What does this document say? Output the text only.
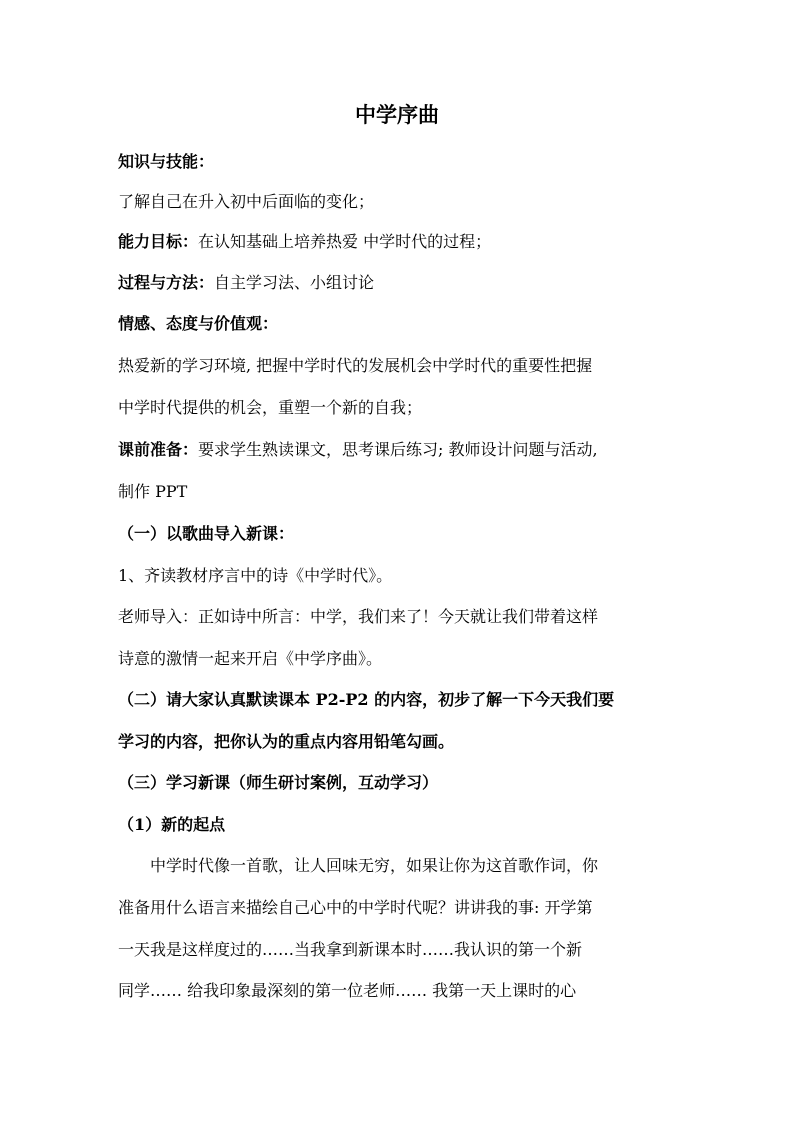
中学序曲
知识与技能：
了解自己在升入初中后面临的变化；
能力目标：在认知基础上培养热爱 中学时代的过程；
过程与方法：自主学习法、小组讨论
情感、态度与价值观：
热爱新的学习环境, 把握中学时代的发展机会中学时代的重要性把握
中学时代提供的机会，重塑一个新的自我；
课前准备：要求学生熟读课文，思考课后练习; 教师设计问题与活动,
制作 PPT
（一）以歌曲导入新课：
1、齐读教材序言中的诗《中学时代》。
老师导入：正如诗中所言：中学，我们来了！今天就让我们带着这样
诗意的激情一起来开启《中学序曲》。
（二）请大家认真默读课本 P2-P2 的内容，初步了解一下今天我们要
学习的内容，把你认为的重点内容用铅笔勾画。
（三）学习新课（师生研讨案例，互动学习）
（1）新的起点
中学时代像一首歌，让人回味无穷，如果让你为这首歌作词，你
准备用什么语言来描绘自己心中的中学时代呢？讲讲我的事: 开学第
一天我是这样度过的……当我拿到新课本时……我认识的第一个新
同学…… 给我印象最深刻的第一位老师…… 我第一天上课时的心
